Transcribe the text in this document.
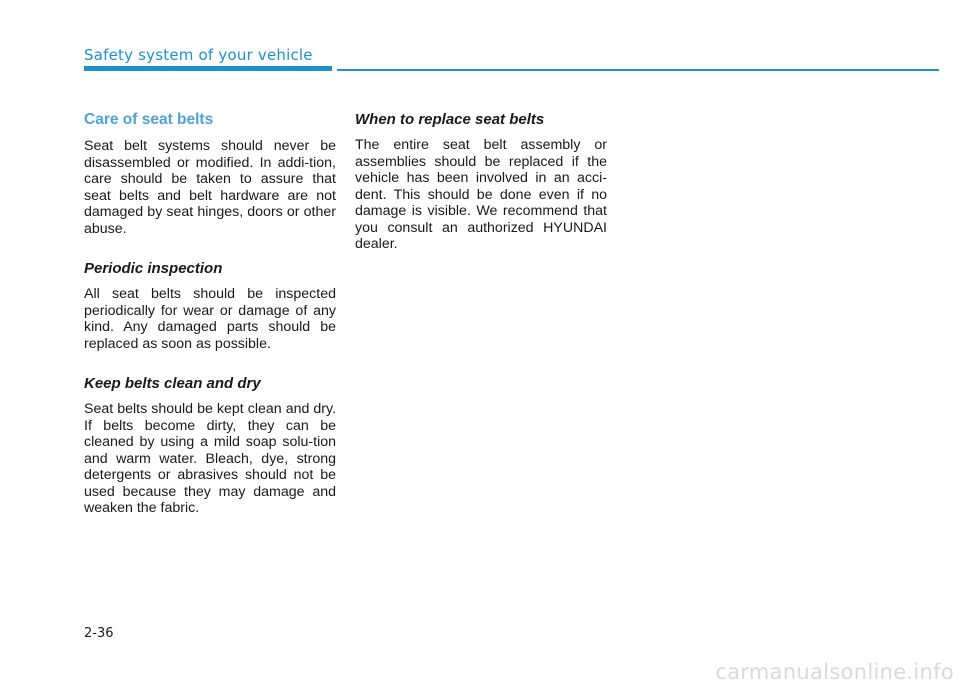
Safety system of your vehicle
Care of seat belts

Seat belt systems should never be disassembled or modified. In addi-tion, care should be taken to assure that seat belts and belt hardware are not damaged by seat hinges, doors or other abuse.

Periodic inspection

All seat belts should be inspected periodically for wear or damage of any kind. Any damaged parts should be replaced as soon as possible.

Keep belts clean and dry

Seat belts should be kept clean and dry. If belts become dirty, they can be cleaned by using a mild soap solu-tion and warm water. Bleach, dye, strong detergents or abrasives should not be used because they may damage and weaken the fabric.

When to replace seat belts

The entire seat belt assembly or assemblies should be replaced if the vehicle has been involved in an acci-dent. This should be done even if no damage is visible. We recommend that you consult an authorized HYUNDAI dealer.

2-36
carmanualsonline.info
